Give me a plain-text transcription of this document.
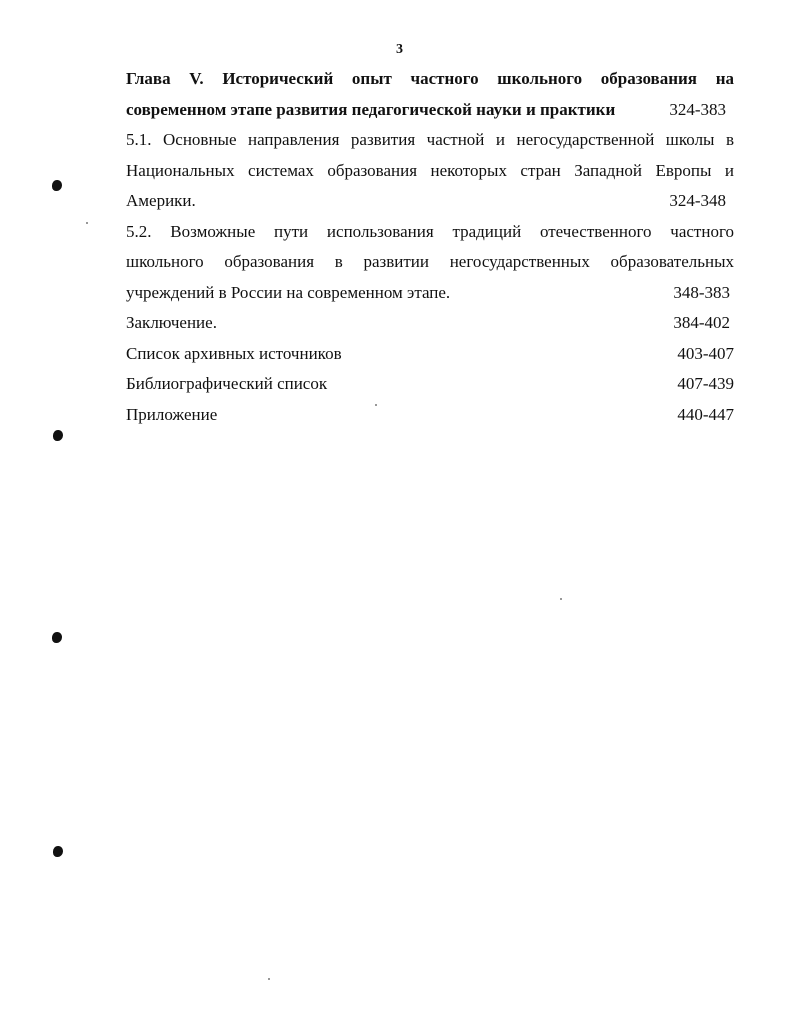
3
Глава V. Исторический опыт частного школьного образования на
современном этапе развития педагогической науки и практики	324-383
5.1. Основные направления развития частной и негосударственной школы в
Национальных системах образования некоторых стран Западной Европы и
Америки.	324-348
5.2. Возможные пути использования традиций отечественного частного
школьного образования в развитии негосударственных образовательных
учреждений в России на современном этапе.	348-383
Заключение.	384-402
Список архивных источников	403-407
Библиографический список	407-439
Приложение	440-447
